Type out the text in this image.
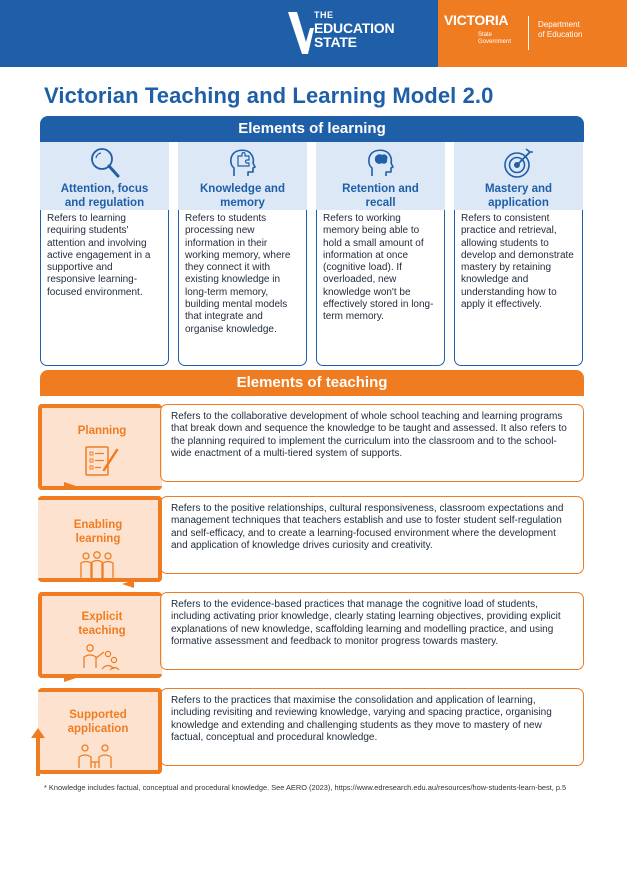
THE
EDUCATION
STATE
VICTORIA
State
Government
Department
of Education
Victorian Teaching and Learning Model 2.0
Elements of learning
Attention, focus
and regulation
Refers to learning requiring students' attention and involving active engagement in a supportive and responsive learning-focused environment.
Knowledge and
memory
Refers to students processing new information in their working memory, where they connect it with existing knowledge in long-term memory, building mental models that integrate and organise knowledge.
Retention and
recall
Refers to working memory being able to hold a small amount of information at once (cognitive load). If overloaded, new knowledge won't be effectively stored in long-term memory.
Mastery and
application
Refers to consistent practice and retrieval, allowing students to develop and demonstrate mastery by retaining knowledge and understanding how to apply it effectively.
Elements of teaching
Planning
Refers to the collaborative development of whole school teaching and learning programs that break down and sequence the knowledge to be taught and assessed. It also refers to the planning required to implement the curriculum into the classroom and to the school-wide enactment of a multi-tiered system of supports.
Enabling
learning
Refers to the positive relationships, cultural responsiveness, classroom expectations and management techniques that teachers establish and use to foster student self-regulation and self-efficacy, and to create a learning-focused environment where the development and application of knowledge drives curiosity and creativity.
Explicit
teaching
Refers to the evidence-based practices that manage the cognitive load of students, including activating prior knowledge, clearly stating learning objectives, providing explicit explanations of new knowledge, scaffolding learning and modelling practice, and using formative assessment and feedback to monitor progress towards mastery.
Supported
application
Refers to the practices that maximise the consolidation and application of learning, including revisiting and reviewing knowledge, varying and spacing practice, organising knowledge and extending and challenging students as they move to mastery of new factual, conceptual and procedural knowledge.
* Knowledge includes factual, conceptual and procedural knowledge. See AERO (2023), https://www.edresearch.edu.au/resources/how-students-learn-best, p.5
